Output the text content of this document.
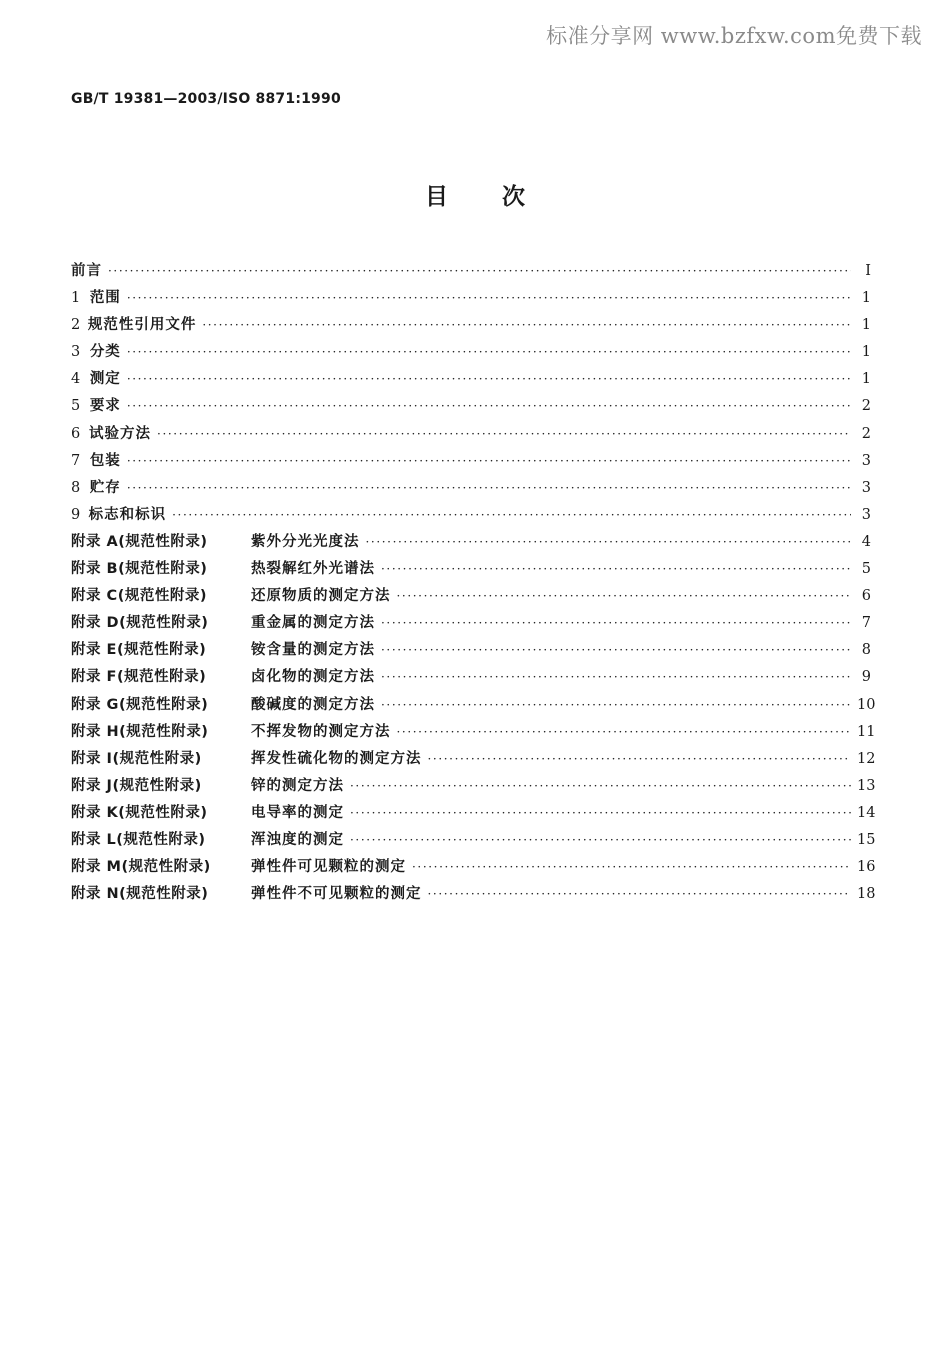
标准分享网 www.bzfxw.com免费下载
GB/T 19381—2003/ISO 8871:1990
目次
前言 ·····	I
1 范围 ·····	1
2 规范性引用文件 ·····	1
3 分类 ·····	1
4 测定 ·····	1
5 要求 ·····	2
6 试验方法 ·····	2
7 包装 ·····	3
8 贮存 ·····	3
9 标志和标识 ·····	3
附录 A(规范性附录)	紫外分光光度法 ·····	4
附录 B(规范性附录)	热裂解红外光谱法 ·····	5
附录 C(规范性附录)	还原物质的测定方法 ·····	6
附录 D(规范性附录)	重金属的测定方法 ·····	7
附录 E(规范性附录)	铵含量的测定方法 ·····	8
附录 F(规范性附录)	卤化物的测定方法 ·····	9
附录 G(规范性附录)	酸碱度的测定方法 ·····	10
附录 H(规范性附录)	不挥发物的测定方法 ·····	11
附录 I(规范性附录)	挥发性硫化物的测定方法 ·····	12
附录 J(规范性附录)	锌的测定方法 ·····	13
附录 K(规范性附录)	电导率的测定 ·····	14
附录 L(规范性附录)	浑浊度的测定 ·····	15
附录 M(规范性附录)	弹性件可见颗粒的测定 ·····	16
附录 N(规范性附录)	弹性件不可见颗粒的测定 ·····	18
